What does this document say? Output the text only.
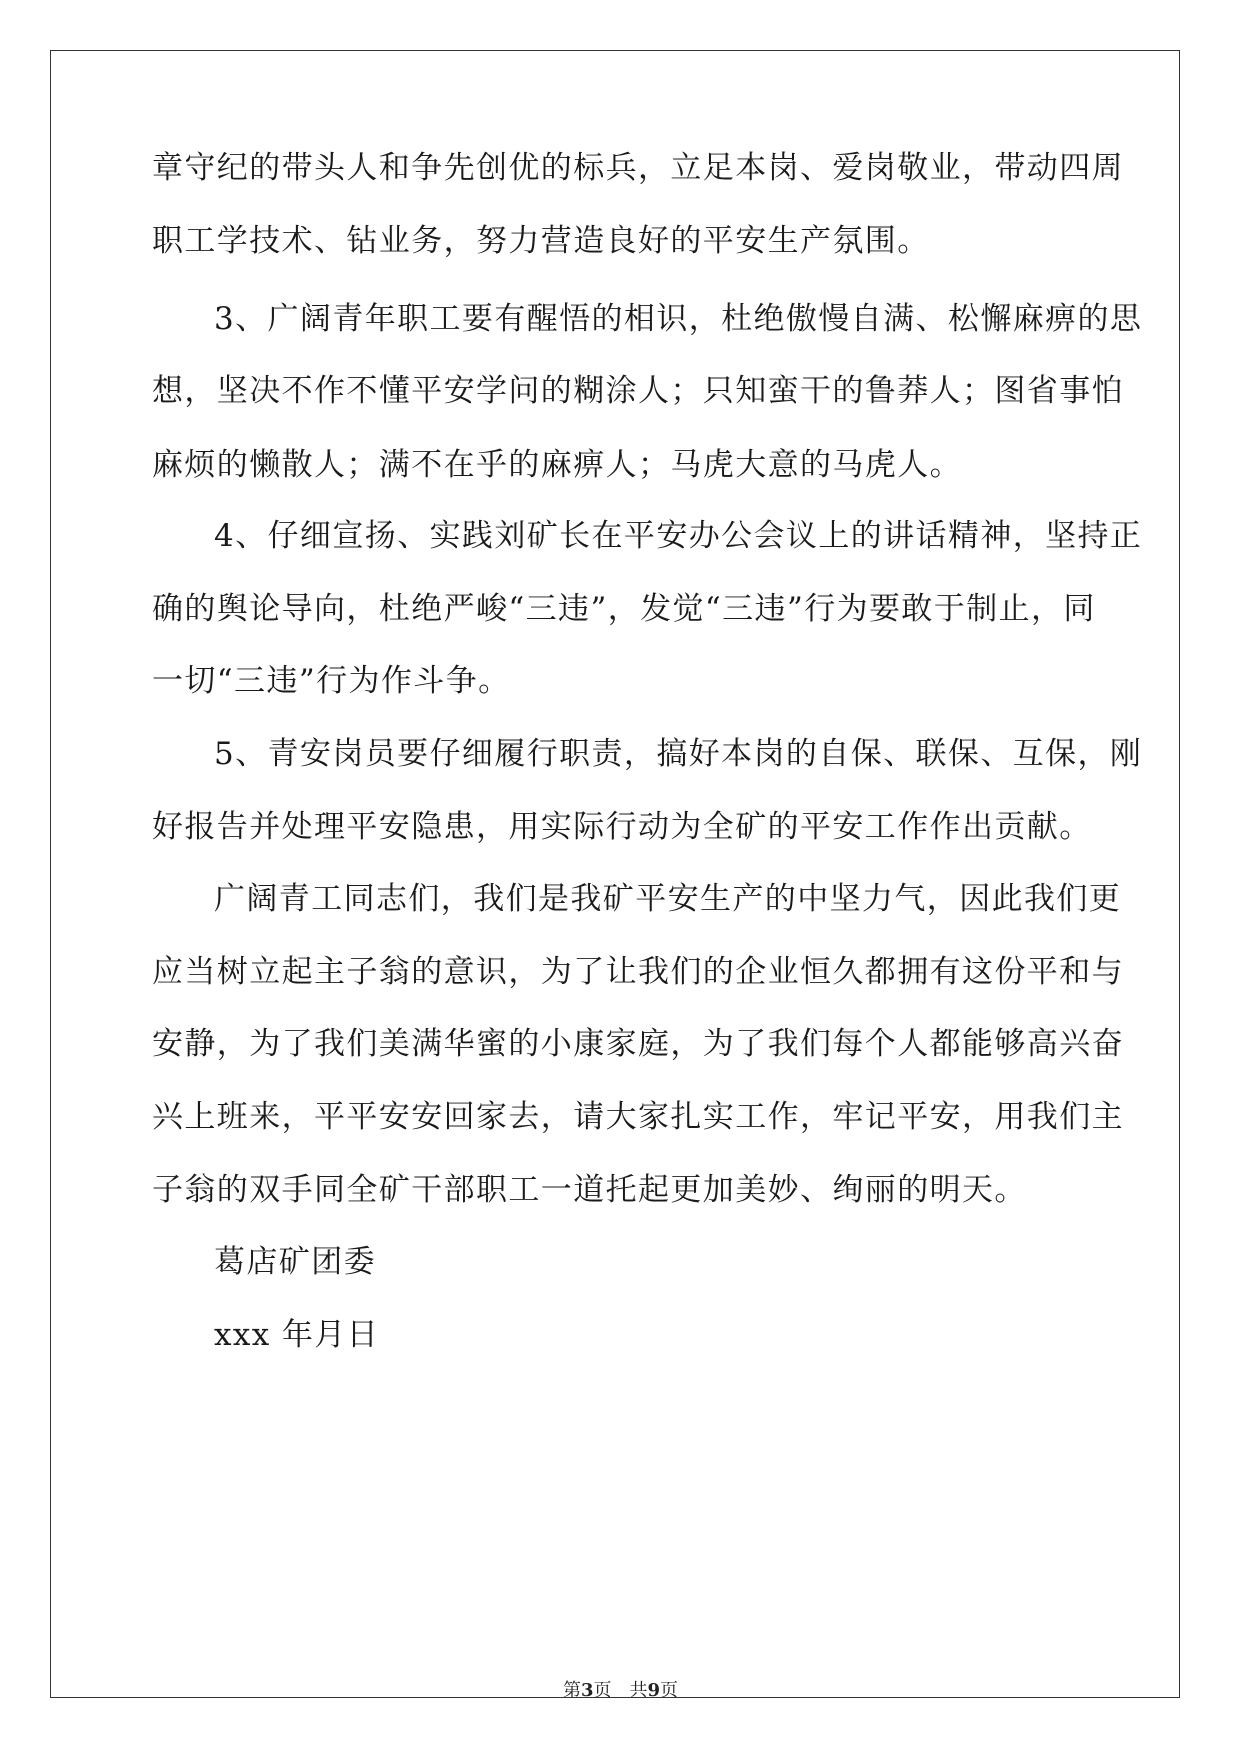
章守纪的带头人和争先创优的标兵，立足本岗、爱岗敬业，带动四周

职工学技术、钻业务，努力营造良好的平安生产氛围。

3、广阔青年职工要有醒悟的相识，杜绝傲慢自满、松懈麻痹的思

想，坚决不作不懂平安学问的糊涂人；只知蛮干的鲁莽人；图省事怕

麻烦的懒散人；满不在乎的麻痹人；马虎大意的马虎人。

4、仔细宣扬、实践刘矿长在平安办公会议上的讲话精神，坚持正

确的舆论导向，杜绝严峻“三违”，发觉“三违”行为要敢于制止，同

一切“三违”行为作斗争。

5、青安岗员要仔细履行职责，搞好本岗的自保、联保、互保，刚

好报告并处理平安隐患，用实际行动为全矿的平安工作作出贡献。

广阔青工同志们，我们是我矿平安生产的中坚力气，因此我们更

应当树立起主子翁的意识，为了让我们的企业恒久都拥有这份平和与

安静，为了我们美满华蜜的小康家庭，为了我们每个人都能够高兴奋

兴上班来，平平安安回家去，请大家扎实工作，牢记平安，用我们主

子翁的双手同全矿干部职工一道托起更加美妙、绚丽的明天。

葛店矿团委

xxx 年月日

第3页 共9页
